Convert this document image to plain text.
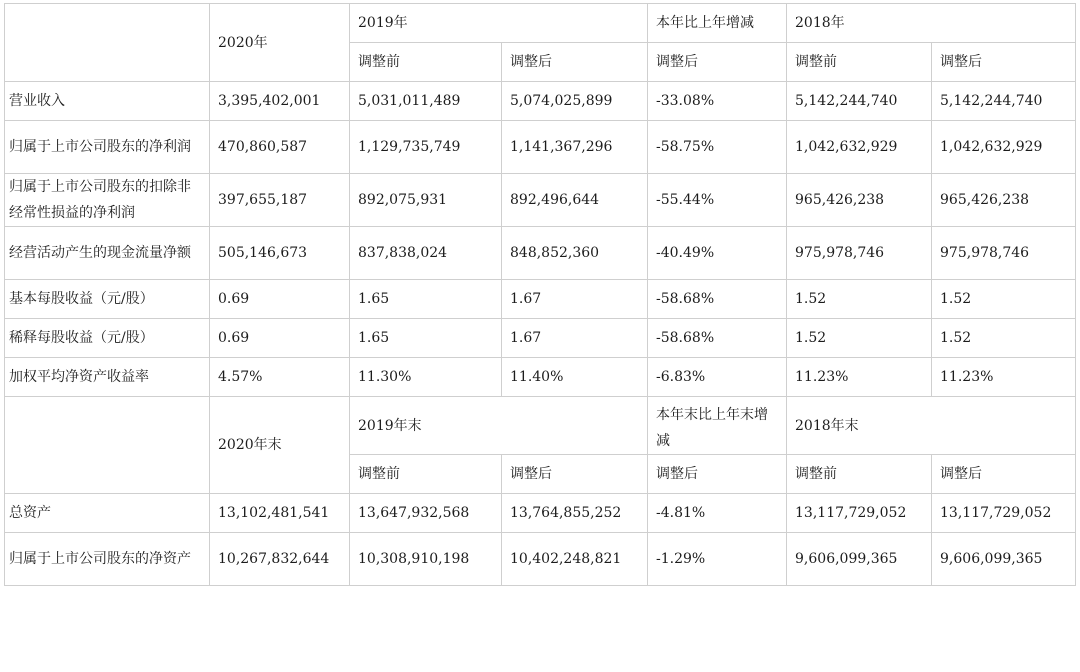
	2020年	2019年		本年比上年增减	2018年	
		调整前	调整后	调整后	调整前	调整后
营业收入	3,395,402,001	5,031,011,489	5,074,025,899	-33.08%	5,142,244,740	5,142,244,740
归属于上市公司股东的净利润	470,860,587	1,129,735,749	1,141,367,296	-58.75%	1,042,632,929	1,042,632,929
归属于上市公司股东的扣除非经常性损益的净利润	397,655,187	892,075,931	892,496,644	-55.44%	965,426,238	965,426,238
经营活动产生的现金流量净额	505,146,673	837,838,024	848,852,360	-40.49%	975,978,746	975,978,746
基本每股收益（元/股）	0.69	1.65	1.67	-58.68%	1.52	1.52
稀释每股收益（元/股）	0.69	1.65	1.67	-58.68%	1.52	1.52
加权平均净资产收益率	4.57%	11.30%	11.40%	-6.83%	11.23%	11.23%
	2020年末	2019年末		本年末比上年末增减	2018年末	
		调整前	调整后	调整后	调整前	调整后
总资产	13,102,481,541	13,647,932,568	13,764,855,252	-4.81%	13,117,729,052	13,117,729,052
归属于上市公司股东的净资产	10,267,832,644	10,308,910,198	10,402,248,821	-1.29%	9,606,099,365	9,606,099,365
